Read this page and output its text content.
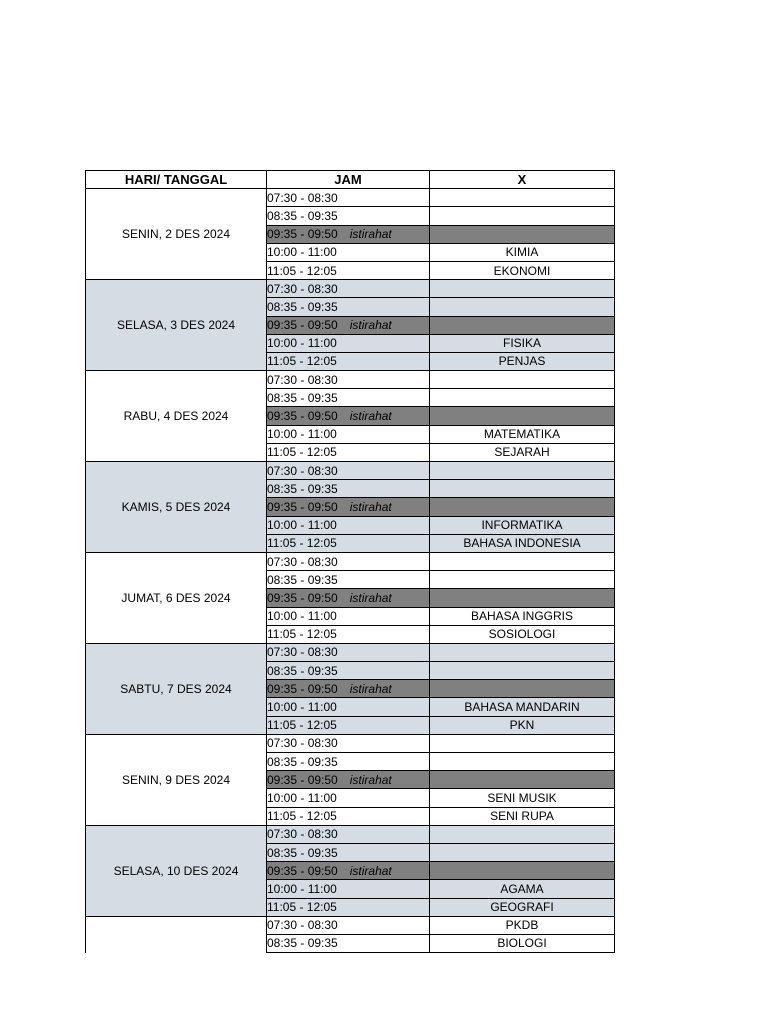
HARI/ TANGGAL	JAM	X
SENIN, 2 DES 2024	07:30 - 08:30	
	08:35 - 09:35	
	09:35 - 09:50 istirahat	
	10:00 - 11:00	KIMIA
	11:05 - 12:05	EKONOMI
SELASA, 3 DES 2024	07:30 - 08:30	
	08:35 - 09:35	
	09:35 - 09:50 istirahat	
	10:00 - 11:00	FISIKA
	11:05 - 12:05	PENJAS
RABU, 4 DES 2024	07:30 - 08:30	
	08:35 - 09:35	
	09:35 - 09:50 istirahat	
	10:00 - 11:00	MATEMATIKA
	11:05 - 12:05	SEJARAH
KAMIS, 5 DES 2024	07:30 - 08:30	
	08:35 - 09:35	
	09:35 - 09:50 istirahat	
	10:00 - 11:00	INFORMATIKA
	11:05 - 12:05	BAHASA INDONESIA
JUMAT, 6 DES 2024	07:30 - 08:30	
	08:35 - 09:35	
	09:35 - 09:50 istirahat	
	10:00 - 11:00	BAHASA INGGRIS
	11:05 - 12:05	SOSIOLOGI
SABTU, 7 DES 2024	07:30 - 08:30	
	08:35 - 09:35	
	09:35 - 09:50 istirahat	
	10:00 - 11:00	BAHASA MANDARIN
	11:05 - 12:05	PKN
SENIN, 9 DES 2024	07:30 - 08:30	
	08:35 - 09:35	
	09:35 - 09:50 istirahat	
	10:00 - 11:00	SENI MUSIK
	11:05 - 12:05	SENI RUPA
SELASA, 10 DES 2024	07:30 - 08:30	
	08:35 - 09:35	
	09:35 - 09:50 istirahat	
	10:00 - 11:00	AGAMA
	11:05 - 12:05	GEOGRAFI
	07:30 - 08:30	PKDB
	08:35 - 09:35	BIOLOGI
